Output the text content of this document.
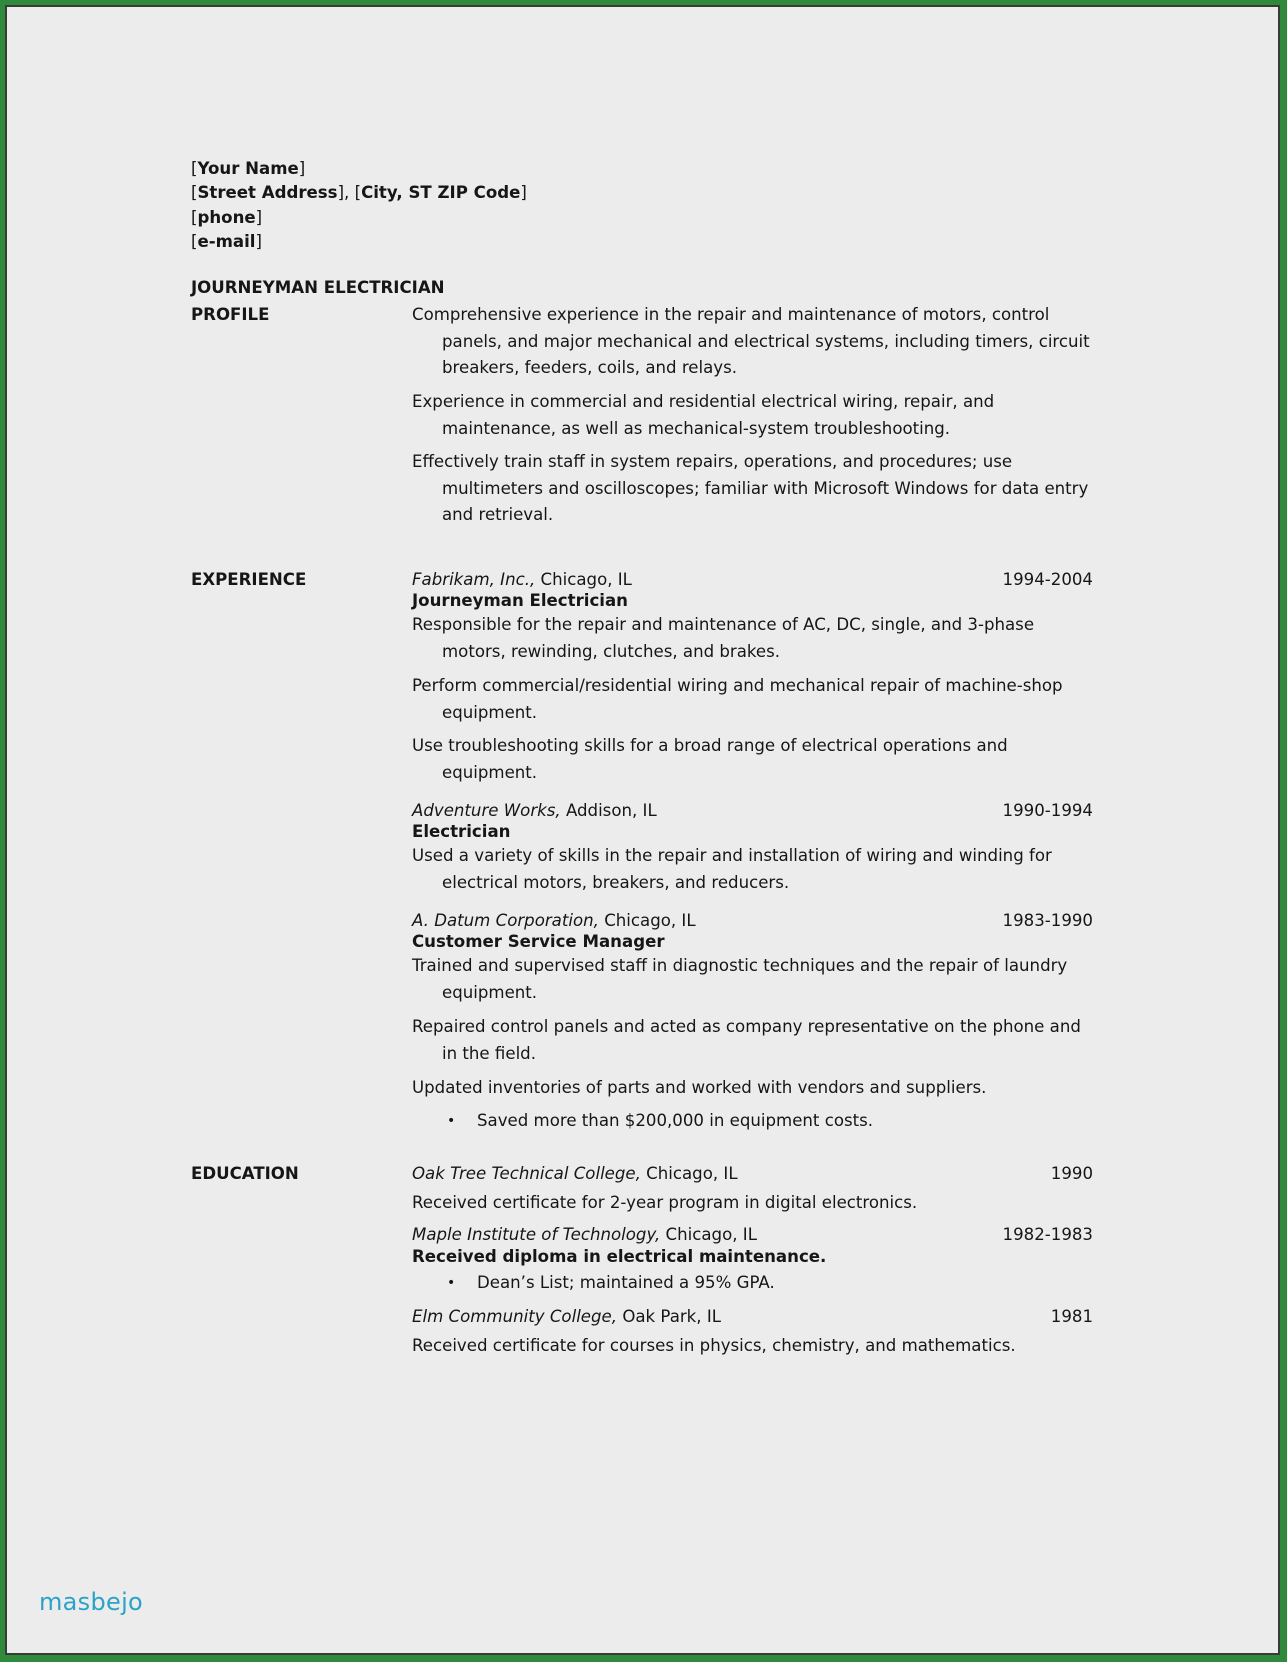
[Your Name]
[Street Address], [City, ST ZIP Code]
[phone]
[e-mail]
JOURNEYMAN ELECTRICIAN
PROFILE	Comprehensive experience in the repair and maintenance of motors, control
panels, and major mechanical and electrical systems, including timers, circuit
breakers, feeders, coils, and relays.
Experience in commercial and residential electrical wiring, repair, and
maintenance, as well as mechanical-system troubleshooting.
Effectively train staff in system repairs, operations, and procedures; use
multimeters and oscilloscopes; familiar with Microsoft Windows for data entry
and retrieval.
EXPERIENCE	Fabrikam, Inc., Chicago, IL	1994-2004
Journeyman Electrician
Responsible for the repair and maintenance of AC, DC, single, and 3-phase
motors, rewinding, clutches, and brakes.
Perform commercial/residential wiring and mechanical repair of machine-shop
equipment.
Use troubleshooting skills for a broad range of electrical operations and
equipment.
Adventure Works, Addison, IL	1990-1994
Electrician
Used a variety of skills in the repair and installation of wiring and winding for
electrical motors, breakers, and reducers.
A. Datum Corporation, Chicago, IL	1983-1990
Customer Service Manager
Trained and supervised staff in diagnostic techniques and the repair of laundry
equipment.
Repaired control panels and acted as company representative on the phone and
in the field.
Updated inventories of parts and worked with vendors and suppliers.
• Saved more than $200,000 in equipment costs.
EDUCATION	Oak Tree Technical College, Chicago, IL	1990
Received certificate for 2-year program in digital electronics.
Maple Institute of Technology, Chicago, IL	1982-1983
Received diploma in electrical maintenance.
• Dean’s List; maintained a 95% GPA.
Elm Community College, Oak Park, IL	1981
Received certificate for courses in physics, chemistry, and mathematics.
masbejo
